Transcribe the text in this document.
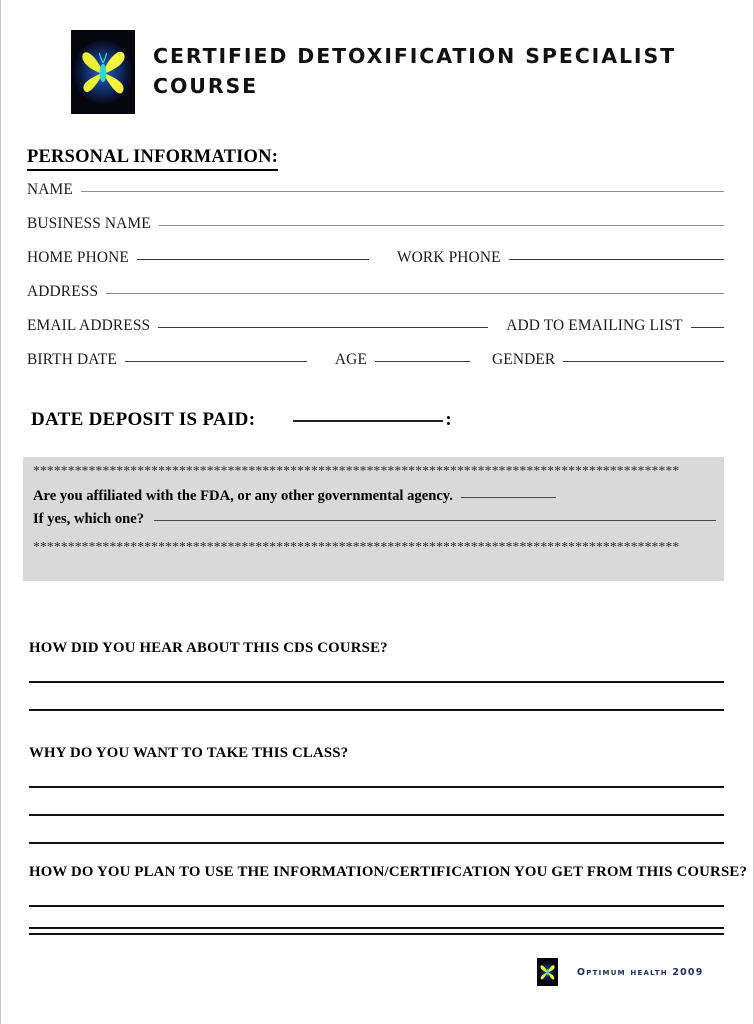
CERTIFIED DETOXIFICATION SPECIALIST COURSE
PERSONAL INFORMATION:
NAME
BUSINESS NAME
HOME PHONE	WORK PHONE
ADDRESS
EMAIL ADDRESS	ADD TO EMAILING LIST
BIRTH DATE	AGE	GENDER
DATE DEPOSIT IS PAID:	:
*********************************************************************************************
Are you affiliated with the FDA, or any other governmental agency.
If yes, which one?
*********************************************************************************************
HOW DID YOU HEAR ABOUT THIS CDS COURSE?
WHY DO YOU WANT TO TAKE THIS CLASS?
HOW DO YOU PLAN TO USE THE INFORMATION/CERTIFICATION YOU GET FROM THIS COURSE?
Optimum health 2009
